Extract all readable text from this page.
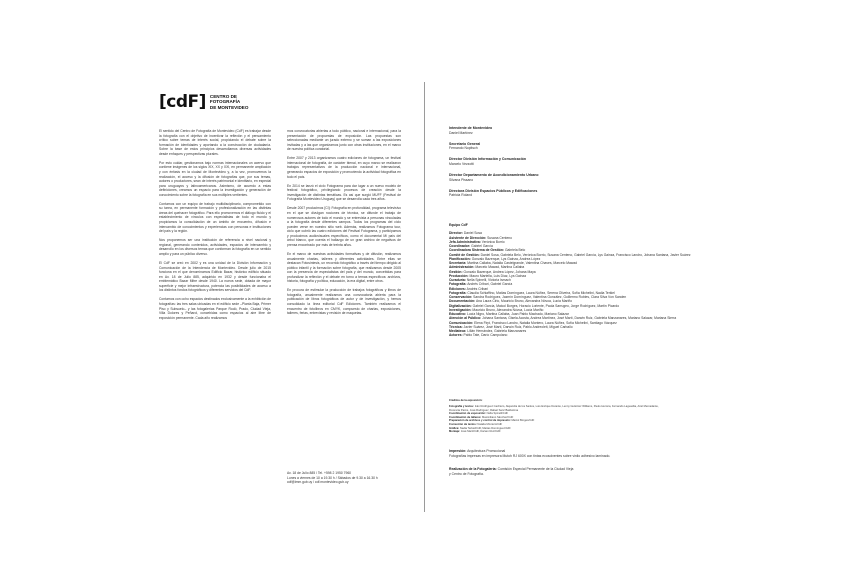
[cdF] CENTRO DE
FOTOGRAFÍA
DE MONTEVIDEO

El sentido del Centro de Fotografía de Montevideo (CdF) es trabajar desde la fotografía con el objetivo de incentivar la reflexión y el pensamiento crítico sobre temas de interés social, propiciando el debate sobre la formación de identidades y aportando a la construcción de ciudadanía. Sobre la base de estos principios desarrollamos diversas actividades desde enfoques y perspectivas plurales.

Por esto cuidar, gestionamos bajo normas internacionales un acervo que contiene imágenes de los siglos XIX, XX y XXI, en permanente ampliación y con énfasis en la ciudad de Montevideo y, a la vez, promovemos la realización, el acceso y la difusión de fotografías que, por sus temas, autores o productores, sean de interés patrimonial e identitario, en especial para uruguayos y latinoamericanos. Asimismo, de acuerdo a estas definiciones, creamos un espacio para la investigación y generación de conocimiento sobre la fotografía en sus múltiples vertientes.

Contamos con un equipo de trabajo multidisciplinario, comprometido con su tarea, en permanente formación y profesionalización en las distintas áreas del quehacer fotográfico. Para ello promovemos el diálogo fluido y el establecimiento de vínculos con especialistas de todo el mundo y propiciamos la consolidación de un ámbito de encuentro, difusión e intercambio de conocimientos y experiencias con personas e instituciones del país y la región.

Nos proponemos ser una institución de referencia a nivel nacional y regional, generando contenidos, actividades, espacios de intercambio y desarrollo en los diversos temas que conforman la fotografía en un sentido amplio y para un público diverso.

El CdF se creó en 2002 y es una unidad de la División Información y Comunicación de la Intendencia de Montevideo. Desde julio de 2015 funciona en el que denominamos Edificio Bazar, histórico edificio situado en Av. 18 de Julio 885, adquirido en 1932 y desde funcionaba el emblemático Bazar Mitre desde 1940. La nueva sede, dotada de mayor superficie y mejor infraestructura, potencia las posibilidades de acceso a los distintos fondos fotográficos y diferentes servicios del CdF.

Contamos con ocho espacios destinados exclusivamente a la exhibición de fotografías: las tres salas ubicadas en el edificio sede –Planta Baja, Primer Piso y Subsuelo– y las fotogalerías Parque Rodó, Prado, Ciudad Vieja, Villa Dolores y Peñarol, concebidas como espacios al aire libre de exposición permanente. Cada año realizamos

mos convocatorias abiertas a todo público, nacional e internacional, para la presentación de propuestas de exposición. Las propuestas son seleccionadas mediante un jurado externo y se suman a las exposiciones invitadas y a las que organizamos junto con otras instituciones, en el marco de nuestra política curatorial.

Entre 2007 y 2013 organizamos cuatro ediciones de fotograma, un festival internacional de fotografía, de carácter bienal, en cuyo marco se realizaron trabajos representativos de la producción nacional e internacional, generando espacios de exposición y promoviendo la actividad fotográfica en todo el país.

En 2014 se lanzó el ciclo Fotograma para dar lugar a un nuevo modelo de festival fotográfico, privilegiando procesos de creación desde la investigación de distintas temáticas. Es así que surgió MUFF (Festival de Fotografía Montevideo Uruguay) que se desarrolla cada tres años.

Desde 2007 producimos [CI]: Fotografía en profundidad, programa televisivo en el que se divulgan nociones de técnica, se difunde el trabajo de numerosos autores de todo el mundo y se entrevista a personas vinculadas a la fotografía desde diferentes campos. Todos los programas del ciclo pueden verse en nuestro sitio web. Además, realizamos Fotograma tour, ciclo que cubrió las cuatro ediciones del Festival Fotograma, y participamos y producimos audiovisuales específicos, como el documental Mi país del árbol blanco, que cuenta el hallazgo de un gran archivo de negativos de prensa encontrado por más de treinta años.

En el marco de nuestras actividades formativas y de difusión, realizamos anualmente charlas, talleres y diferentes actividades. Entre ellas se destacan Fotosintesis, un recorrido fotográfico a través del tiempo dirigido al público infantil y la formación sobre fotografía, que realizamos desde 2005 con la presencia de especialistas del país y del mundo, concebidas para profundizar la reflexión y el debate en torno a temas específicos: archivos, historia, fotografía y política, educación, la era digital, entre otros.

En procura de estimular la producción de trabajos fotográficos y libros de fotografía, anualmente realizamos una convocatoria abierta para la publicación de libros fotográficos de autor y de investigación, y hemos consolidado la línea editorial CdF Ediciones. También realizamos el encuentro de fotolibros en CMYK, compuesto de charlas, exposiciones, talleres, ferias, entrevistas y revisión de maquetas.

Av. 18 de Julio 885 / Tel. +598 2 1950 7960
Lunes a viernes de 10 a 19.30 h / Sábados de 9.30 a 16.30 h
cdf@imm.gub.uy / cdf.montevideo.gub.uy
Intendente de Montevideo
Daniel Martínez
Secretario General
Fernando Nopitsch
Director División Información y Comunicación
Marcelo Vezzotti
Director Departamento de Acondicionamiento Urbano
Silvana Pissano
Directora División Espacios Públicos y Edificaciones
Patricia Roland
Equipo CdF
Director: Daniel Sosa
Asistente de Dirección: Susana Centeno
Jefa Administrativa: Verónica Borrio
Coordinador: Gabriel García
Coordinadora Sistema de Gestión: Gabriela Belo
Comité de Gestión: Daniel Sosa, Gabriela Belo, Verónica Borrio, Susana Centeno, Gabriel García, Lys Gainza, Francisco Landro, Johana Santana, Javier Suárez
Planificación: Gonzalo Bazerque, Lys Gainza, Andrea López
Secretaría: Martina Callaba, Natalia Castelgrande, Valentina Chaves, Marcelo Mawad
Administración: Marcelo Mawad, Martina Callaba
Gestión: Gonzalo Bazerque, Andrea López, Johana Maya
Producción: Mauro Martella, Luis Díaz, Lys Gainza
Curaduría: Nella Spinelli, Victoria Ismach
Fotografía: Andrés Cribari, Gabriel García
Ediciones: Andrés Cribari
Fotografía: Claudia Schiaffino, Matías Domínguez, Laura Núñez, Serena Oliveira, Sofía Michelini, Nadia Terkiel
Conservación: Sandra Rodríguez, Jazmín Domínguez, Valentina González, Guillermo Robles, Clara Silva Von Sanden
Documentación: Ana Laura Cirio, Mauricio Bruno, Alexandra Nóvoa, Lucía Mariño
Digitalización: Gabriel García, Maicol Borges, Horacio Loriente, Paola Sarrugeo, Jorge Rodríguez, Martín Picardo
Investigación: Mauricio Bruno, Alexandra Nóvoa, Lucía Mariño
Educativo: Lucía Nigro, Martina Callaba, Juan Pablo Machado, Mariano Salazar
Atención al Público: Johana Santana, Gisela Acosta, Andrea Martínez, José Martí, Darwin Ruiz, Gabriela Manzanares, Mariano Salazar, Mariana Sierra
Comunicación: Elena Firpi, Francisco Landro, Natalia Montero, Laura Núñez, Sofía Michelini, Santiago Vázquez
Técnica: Javier Suárez, José Martí, Darwin Ruiz, Pablo Andreoleit, Miguel Carballo
Mediateca: Lillán Hernández, Gabriela Manzanares
Actores: Pablo Tate, Darío Campolano
Créditos de la exposición:
Fotografía y textos: Iván Rodríguez Cachiero, Alejandra de los Santos, Luis Enrique Durante, Lenny Gutiérrez Williams, Paulo Herrera, Fernando Laguardia, Ariel Mercadante, Florencia Pazos, José Rodríguez, Rafael Sanz Balduzona
Coordinación de exposición: Nella Spinelli/CdF
Coordinación de talleres: Maximiliano Sánchez/CdF
Preparación de archivos y control de impresión: Maicol Borges/CdF
Corrección de textos: Natalia Montero/CdF
Gráfica: Nadia Terkiel/CdF, Matías Domínguez/CdF
Montaje: José Martí/CdF, Darwin Ruiz/CdF
Impresión: Arquitectura Promocional
Fotografías impresas en impresora Mutoh RJ 600X con tintas ecosolventes sobre vinilo adhesivo laminado.
Realización de la Fotogalería: Comisión Especial Permanente de la Ciudad Vieja
y Centro de Fotografía.
